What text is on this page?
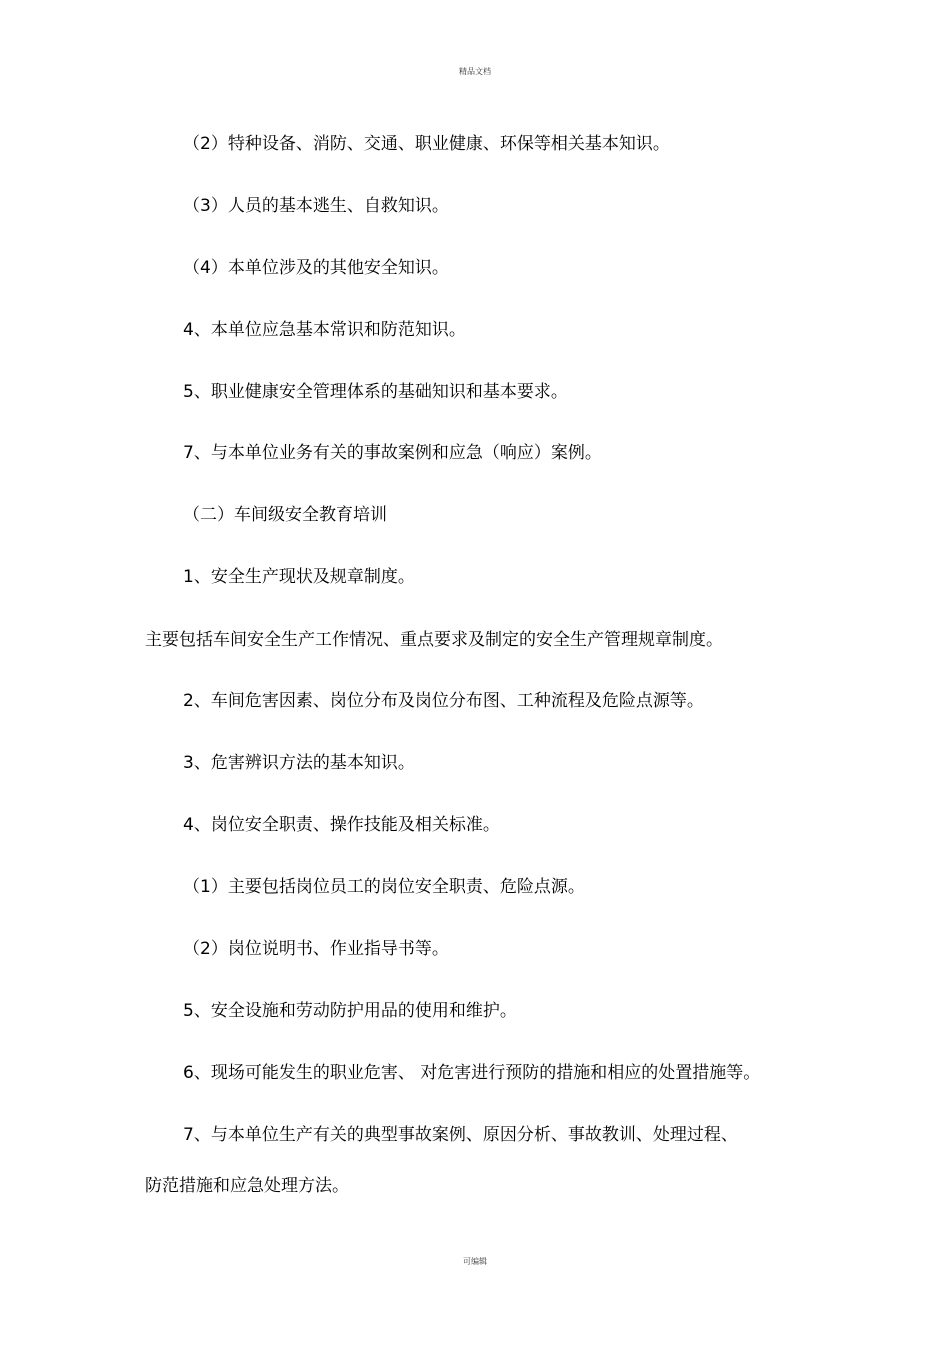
精品文档
（2）特种设备、消防、交通、职业健康、环保等相关基本知识。
（3）人员的基本逃生、自救知识。
（4）本单位涉及的其他安全知识。
4、本单位应急基本常识和防范知识。
5、职业健康安全管理体系的基础知识和基本要求。
7、与本单位业务有关的事故案例和应急（响应）案例。
（二）车间级安全教育培训
1、安全生产现状及规章制度。
主要包括车间安全生产工作情况、重点要求及制定的安全生产管理规章制度。
2、车间危害因素、岗位分布及岗位分布图、工种流程及危险点源等。
3、危害辨识方法的基本知识。
4、岗位安全职责、操作技能及相关标准。
（1）主要包括岗位员工的岗位安全职责、危险点源。
（2）岗位说明书、作业指导书等。
5、安全设施和劳动防护用品的使用和维护。
6、现场可能发生的职业危害、 对危害进行预防的措施和相应的处置措施等。
7、与本单位生产有关的典型事故案例、原因分析、事故教训、处理过程、
防范措施和应急处理方法。
可编辑
